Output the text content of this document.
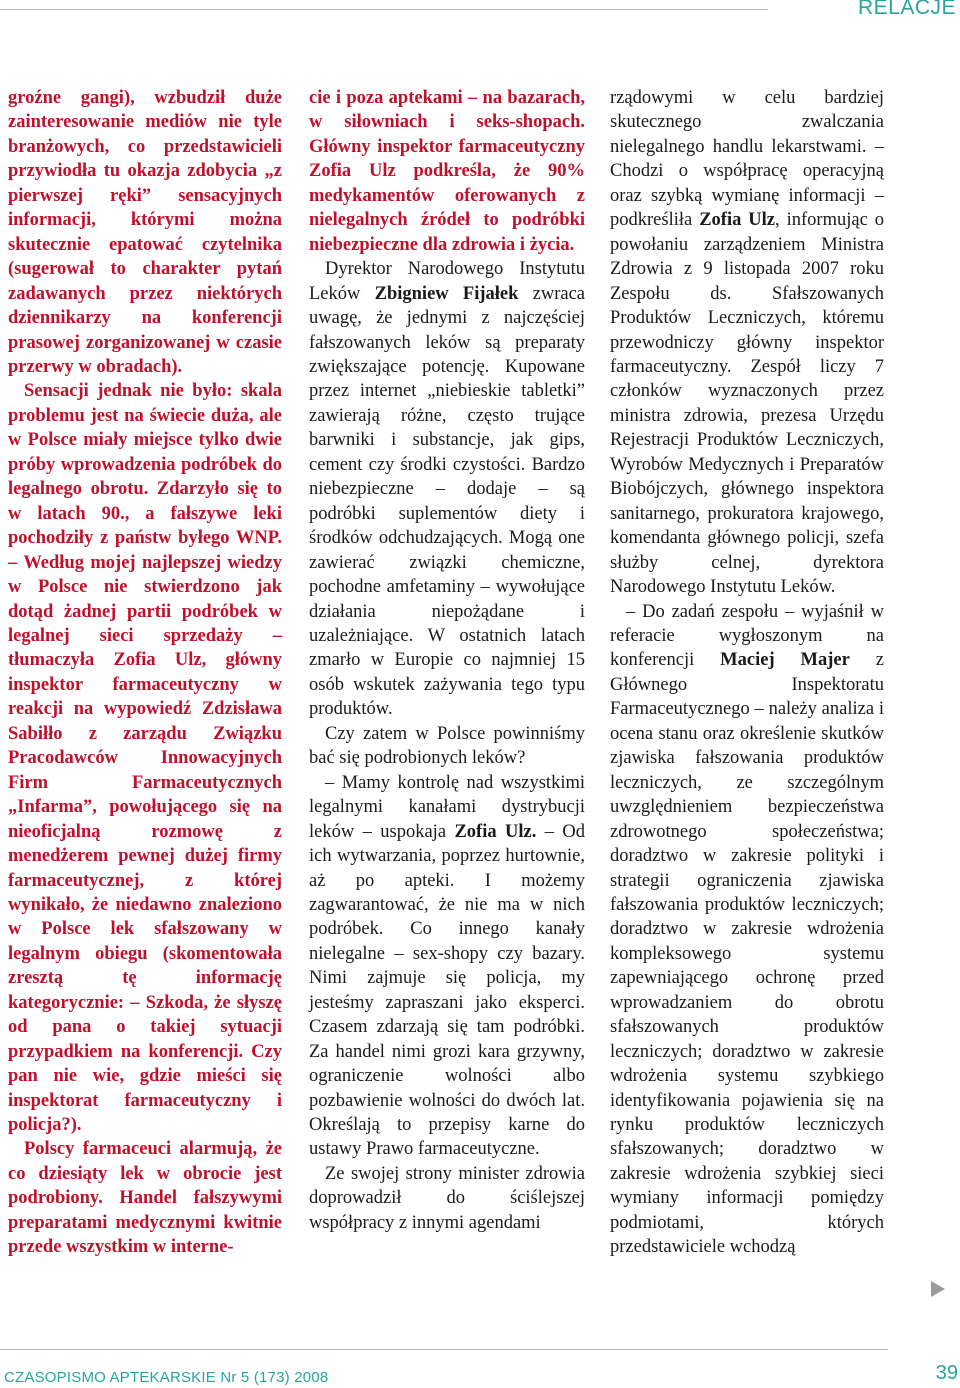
RELACJE

groźne gangi), wzbudził duże zainteresowanie mediów nie tyle branżowych, co przedstawicieli przywiodła tu okazja zdobycia „z pierwszej ręki” sensacyjnych informacji, którymi można skutecznie epatować czytelnika (sugerował to charakter pytań zadawanych przez niektórych dziennikarzy na konferencji prasowej zorganizowanej w czasie przerwy w obradach).

Sensacji jednak nie było: skala problemu jest na świecie duża, ale w Polsce miały miejsce tylko dwie próby wprowadzenia podróbek do legalnego obrotu. Zdarzyło się to w latach 90., a fałszywe leki pochodziły z państw byłego WNP. – Według mojej najlepszej wiedzy w Polsce nie stwierdzono jak dotąd żadnej partii podróbek w legalnej sieci sprzedaży – tłumaczyła Zofia Ulz, główny inspektor farmaceutyczny w reakcji na wypowiedź Zdzisława Sabiłło z zarządu Związku Pracodawców Innowacyjnych Firm Farmaceutycznych „Infarma”, powołującego się na nieoficjalną rozmowę z menedżerem pewnej dużej firmy farmaceutycznej, z której wynikało, że niedawno znaleziono w Polsce lek sfałszowany w legalnym obiegu (skomentowała zresztą tę informację kategorycznie: – Szkoda, że słyszę od pana o takiej sytuacji przypadkiem na konferencji. Czy pan nie wie, gdzie mieści się inspektorat farmaceutyczny i policja?).

Polscy farmaceuci alarmują, że co dziesiąty lek w obrocie jest podrobiony. Handel fałszywymi preparatami medycznymi kwitnie przede wszystkim w interne-

cie i poza aptekami – na bazarach, w siłowniach i seks-shopach. Główny inspektor farmaceutyczny Zofia Ulz podkreśla, że 90% medykamentów oferowanych z nielegalnych źródeł to podróbki niebezpieczne dla zdrowia i życia.

Dyrektor Narodowego Instytutu Leków Zbigniew Fijałek zwraca uwagę, że jednymi z najczęściej fałszowanych leków są preparaty zwiększające potencję. Kupowane przez internet „niebieskie tabletki” zawierają różne, często trujące barwniki i substancje, jak gips, cement czy środki czystości. Bardzo niebezpieczne – dodaje – są podróbki suplementów diety i środków odchudzających. Mogą one zawierać związki chemiczne, pochodne amfetaminy – wywołujące działania niepożądane i uzależniające. W ostatnich latach zmarło w Europie co najmniej 15 osób wskutek zażywania tego typu produktów.

Czy zatem w Polsce powinniśmy bać się podrobionych leków?

– Mamy kontrolę nad wszystkimi legalnymi kanałami dystrybucji leków – uspokaja Zofia Ulz. – Od ich wytwarzania, poprzez hurtownie, aż po apteki. I możemy zagwarantować, że nie ma w nich podróbek. Co innego kanały nielegalne – sex-shopy czy bazary. Nimi zajmuje się policja, my jesteśmy zapraszani jako eksperci. Czasem zdarzają się tam podróbki. Za handel nimi grozi kara grzywny, ograniczenie wolności albo pozbawienie wolności do dwóch lat. Określają to przepisy karne do ustawy Prawo farmaceutyczne.

Ze swojej strony minister zdrowia doprowadził do ściślejszej współpracy z innymi agendami

rządowymi w celu bardziej skutecznego zwalczania nielegalnego handlu lekarstwami. – Chodzi o współpracę operacyjną oraz szybką wymianę informacji – podkreśliła Zofia Ulz, informując o powołaniu zarządzeniem Ministra Zdrowia z 9 listopada 2007 roku Zespołu ds. Sfałszowanych Produktów Leczniczych, któremu przewodniczy główny inspektor farmaceutyczny. Zespół liczy 7 członków wyznaczonych przez ministra zdrowia, prezesa Urzędu Rejestracji Produktów Leczniczych, Wyrobów Medycznych i Preparatów Biobójczych, głównego inspektora sanitarnego, prokuratora krajowego, komendanta głównego policji, szefa służby celnej, dyrektora Narodowego Instytutu Leków.

– Do zadań zespołu – wyjaśnił w referacie wygłoszonym na konferencji Maciej Majer z Głównego Inspektoratu Farmaceutycznego – należy analiza i ocena stanu oraz określenie skutków zjawiska fałszowania produktów leczniczych, ze szczególnym uwzględnieniem bezpieczeństwa zdrowotnego społeczeństwa; doradztwo w zakresie polityki i strategii ograniczenia zjawiska fałszowania produktów leczniczych; doradztwo w zakresie wdrożenia kompleksowego systemu zapewniającego ochronę przed wprowadzaniem do obrotu sfałszowanych produktów leczniczych; doradztwo w zakresie wdrożenia systemu szybkiego identyfikowania pojawienia się na rynku produktów leczniczych sfałszowanych; doradztwo w zakresie wdrożenia szybkiej sieci wymiany informacji pomiędzy podmiotami, których przedstawiciele wchodzą

CZASOPISMO APTEKARSKIE Nr 5 (173) 2008	39
